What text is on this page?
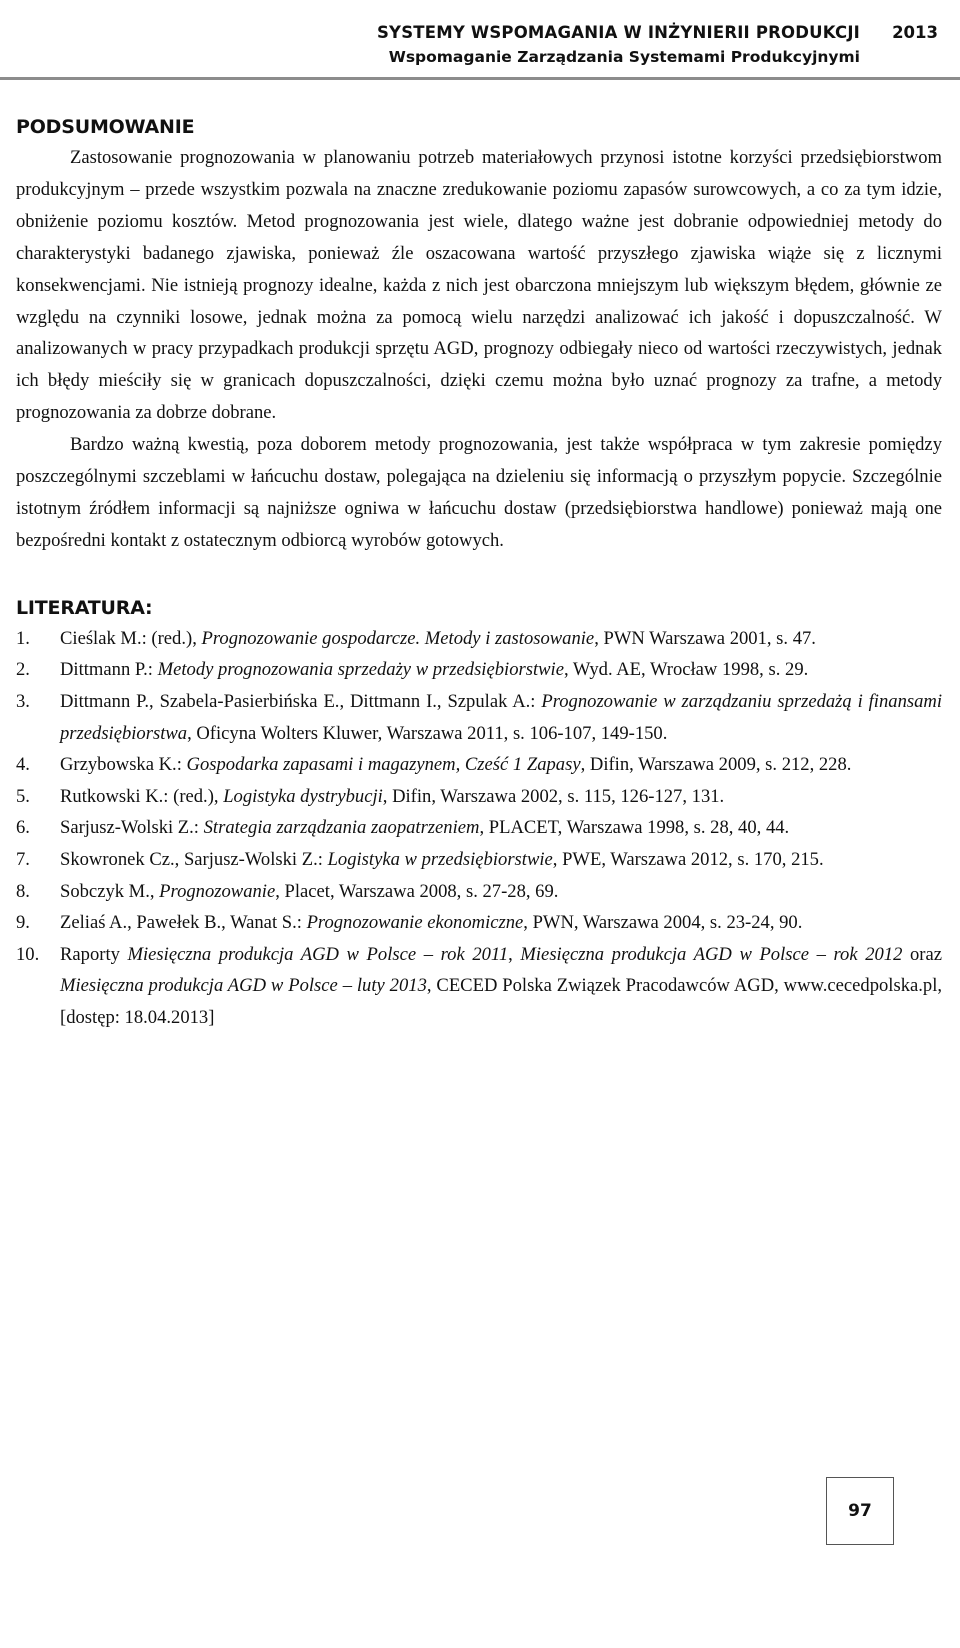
SYSTEMY WSPOMAGANIA W INŻYNIERII PRODUKCJI
Wspomaganie Zarządzania Systemami Produkcyjnymi
2013
PODSUMOWANIE

Zastosowanie prognozowania w planowaniu potrzeb materiałowych przynosi istotne korzyści przedsiębiorstwom produkcyjnym – przede wszystkim pozwala na znaczne zredukowanie poziomu zapasów surowcowych, a co za tym idzie, obniżenie poziomu kosztów. Metod prognozowania jest wiele, dlatego ważne jest dobranie odpowiedniej metody do charakterystyki badanego zjawiska, ponieważ źle oszacowana wartość przyszłego zjawiska wiąże się z licznymi konsekwencjami. Nie istnieją prognozy idealne, każda z nich jest obarczona mniejszym lub większym błędem, głównie ze względu na czynniki losowe, jednak można za pomocą wielu narzędzi analizować ich jakość i dopuszczalność. W analizowanych w pracy przypadkach produkcji sprzętu AGD, prognozy odbiegały nieco od wartości rzeczywistych, jednak ich błędy mieściły się w granicach dopuszczalności, dzięki czemu można było uznać prognozy za trafne, a metody prognozowania za dobrze dobrane.

Bardzo ważną kwestią, poza doborem metody prognozowania, jest także współpraca w tym zakresie pomiędzy poszczególnymi szczeblami w łańcuchu dostaw, polegająca na dzieleniu się informacją o przyszłym popycie. Szczególnie istotnym źródłem informacji są najniższe ogniwa w łańcuchu dostaw (przedsiębiorstwa handlowe) ponieważ mają one bezpośredni kontakt z ostatecznym odbiorcą wyrobów gotowych.

LITERATURA:
1. Cieślak M.: (red.), Prognozowanie gospodarcze. Metody i zastosowanie, PWN Warszawa 2001, s. 47.
2. Dittmann P.: Metody prognozowania sprzedaży w przedsiębiorstwie, Wyd. AE, Wrocław 1998, s. 29.
3. Dittmann P., Szabela-Pasierbińska E., Dittmann I., Szpulak A.: Prognozowanie w zarządzaniu sprzedażą i finansami przedsiębiorstwa, Oficyna Wolters Kluwer, Warszawa 2011, s. 106-107, 149-150.
4. Grzybowska K.: Gospodarka zapasami i magazynem, Cześć 1 Zapasy, Difin, Warszawa 2009, s. 212, 228.
5. Rutkowski K.: (red.), Logistyka dystrybucji, Difin, Warszawa 2002, s. 115, 126-127, 131.
6. Sarjusz-Wolski Z.: Strategia zarządzania zaopatrzeniem, PLACET, Warszawa 1998, s. 28, 40, 44.
7. Skowronek Cz., Sarjusz-Wolski Z.: Logistyka w przedsiębiorstwie, PWE, Warszawa 2012, s. 170, 215.
8. Sobczyk M., Prognozowanie, Placet, Warszawa 2008, s. 27-28, 69.
9. Zeliaś A., Pawełek B., Wanat S.: Prognozowanie ekonomiczne, PWN, Warszawa 2004, s. 23-24, 90.
10. Raporty Miesięczna produkcja AGD w Polsce – rok 2011, Miesięczna produkcja AGD w Polsce – rok 2012 oraz Miesięczna produkcja AGD w Polsce – luty 2013, CECED Polska Związek Pracodawców AGD, www.cecedpolska.pl, [dostęp: 18.04.2013]
97
